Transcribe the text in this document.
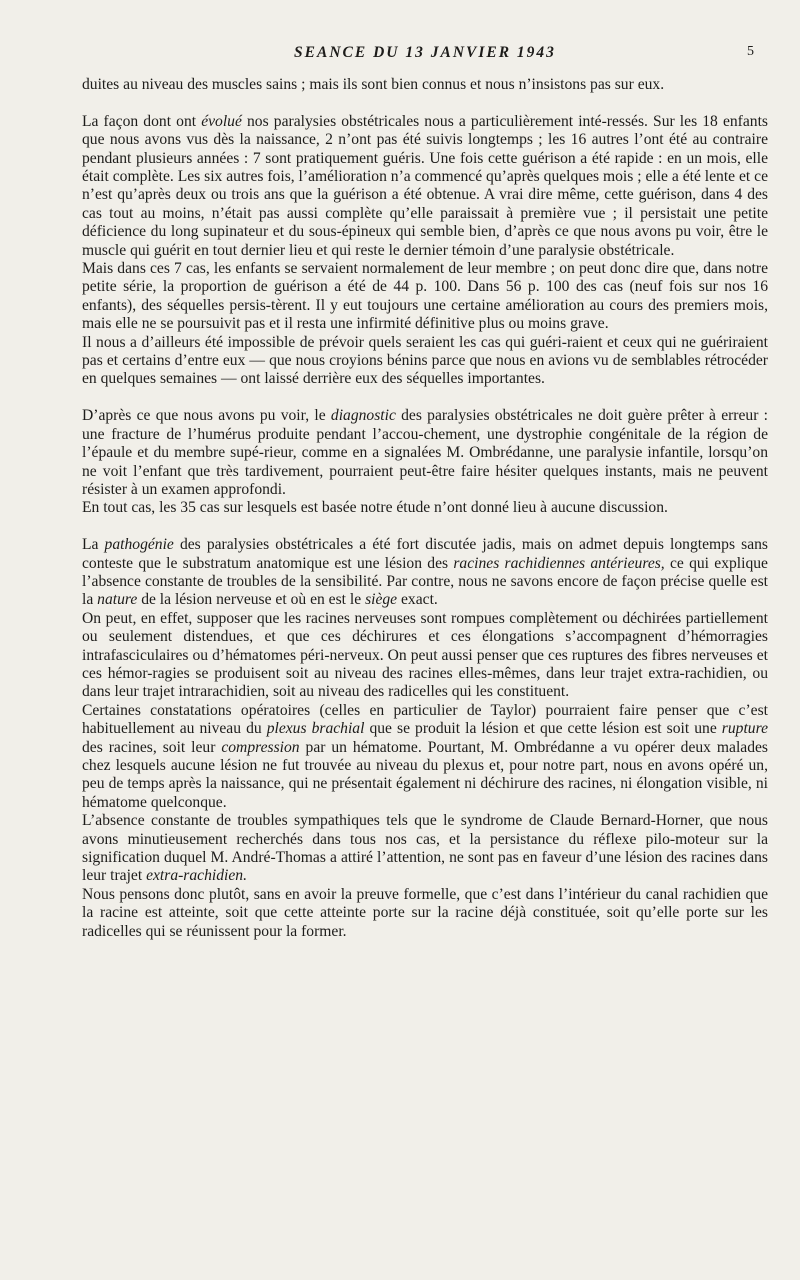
SEANCE DU 13 JANVIER 1943	5

duites au niveau des muscles sains ; mais ils sont bien connus et nous n’insistons pas sur eux.

La façon dont ont évolué nos paralysies obstétricales nous a particulièrement inté-ressés. Sur les 18 enfants que nous avons vus dès la naissance, 2 n’ont pas été suivis longtemps ; les 16 autres l’ont été au contraire pendant plusieurs années : 7 sont pratiquement guéris. Une fois cette guérison a été rapide : en un mois, elle était complète. Les six autres fois, l’amélioration n’a commencé qu’après quelques mois ; elle a été lente et ce n’est qu’après deux ou trois ans que la guérison a été obtenue. A vrai dire même, cette guérison, dans 4 des cas tout au moins, n’était pas aussi complète qu’elle paraissait à première vue ; il persistait une petite déficience du long supinateur et du sous-épineux qui semble bien, d’après ce que nous avons pu voir, être le muscle qui guérit en tout dernier lieu et qui reste le dernier témoin d’une paralysie obstétricale.

Mais dans ces 7 cas, les enfants se servaient normalement de leur membre ; on peut donc dire que, dans notre petite série, la proportion de guérison a été de 44 p. 100. Dans 56 p. 100 des cas (neuf fois sur nos 16 enfants), des séquelles persis-tèrent. Il y eut toujours une certaine amélioration au cours des premiers mois, mais elle ne se poursuivit pas et il resta une infirmité définitive plus ou moins grave.

Il nous a d’ailleurs été impossible de prévoir quels seraient les cas qui guéri-raient et ceux qui ne guériraient pas et certains d’entre eux — que nous croyions bénins parce que nous en avions vu de semblables rétrocéder en quelques semaines — ont laissé derrière eux des séquelles importantes.

D’après ce que nous avons pu voir, le diagnostic des paralysies obstétricales ne doit guère prêter à erreur : une fracture de l’humérus produite pendant l’accou-chement, une dystrophie congénitale de la région de l’épaule et du membre supé-rieur, comme en a signalées M. Ombrédanne, une paralysie infantile, lorsqu’on ne voit l’enfant que très tardivement, pourraient peut-être faire hésiter quelques instants, mais ne peuvent résister à un examen approfondi.

En tout cas, les 35 cas sur lesquels est basée notre étude n’ont donné lieu à aucune discussion.

La pathogénie des paralysies obstétricales a été fort discutée jadis, mais on admet depuis longtemps sans conteste que le substratum anatomique est une lésion des racines rachidiennes antérieures, ce qui explique l’absence constante de troubles de la sensibilité. Par contre, nous ne savons encore de façon précise quelle est la nature de la lésion nerveuse et où en est le siège exact.

On peut, en effet, supposer que les racines nerveuses sont rompues complètement ou déchirées partiellement ou seulement distendues, et que ces déchirures et ces élongations s’accompagnent d’hémorragies intrafasciculaires ou d’hématomes péri-nerveux. On peut aussi penser que ces ruptures des fibres nerveuses et ces hémor-ragies se produisent soit au niveau des racines elles-mêmes, dans leur trajet extra-rachidien, ou dans leur trajet intrarachidien, soit au niveau des radicelles qui les constituent.

Certaines constatations opératoires (celles en particulier de Taylor) pourraient faire penser que c’est habituellement au niveau du plexus brachial que se produit la lésion et que cette lésion est soit une rupture des racines, soit leur compression par un hématome. Pourtant, M. Ombrédanne a vu opérer deux malades chez lesquels aucune lésion ne fut trouvée au niveau du plexus et, pour notre part, nous en avons opéré un, peu de temps après la naissance, qui ne présentait également ni déchirure des racines, ni élongation visible, ni hématome quelconque.

L’absence constante de troubles sympathiques tels que le syndrome de Claude Bernard-Horner, que nous avons minutieusement recherchés dans tous nos cas, et la persistance du réflexe pilo-moteur sur la signification duquel M. André-Thomas a attiré l’attention, ne sont pas en faveur d’une lésion des racines dans leur trajet extra-rachidien.

Nous pensons donc plutôt, sans en avoir la preuve formelle, que c’est dans l’intérieur du canal rachidien que la racine est atteinte, soit que cette atteinte porte sur la racine déjà constituée, soit qu’elle porte sur les radicelles qui se réunissent pour la former.
